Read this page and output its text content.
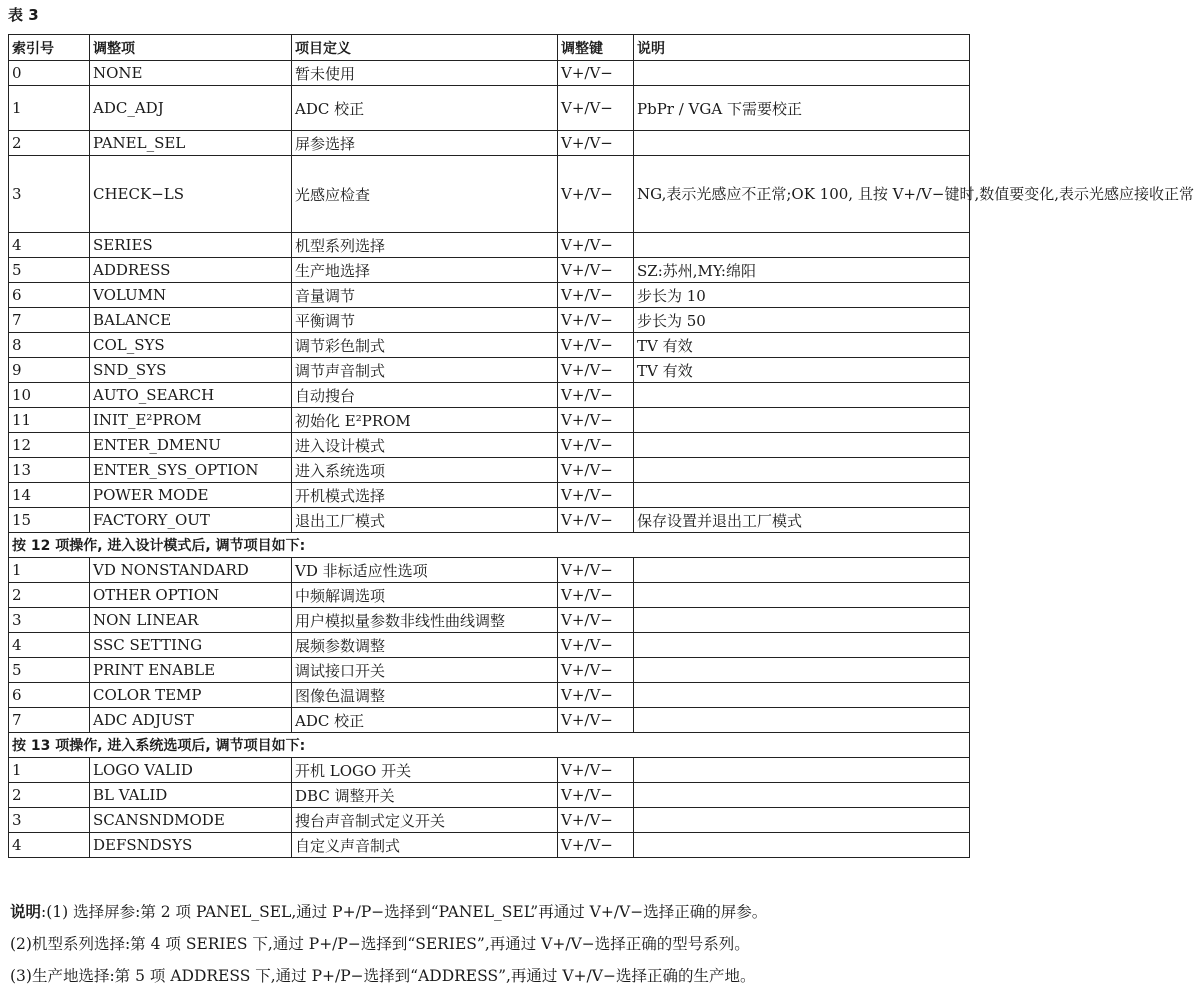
表 3
索引号	调整项	项目定义	调整键	说明
0	NONE	暂未使用	V+/V−	
1	ADC_ADJ	ADC 校正	V+/V−	PbPr / VGA 下需要校正
2	PANEL_SEL	屏参选择	V+/V−	
3	CHECK−LS	光感应检查	V+/V−	NG,表示光感应不正常;OK 100, 且按 V+/V−键时,数值要变化,表示光感应接收正常
4	SERIES	机型系列选择	V+/V−	
5	ADDRESS	生产地选择	V+/V−	SZ:苏州,MY:绵阳
6	VOLUMN	音量调节	V+/V−	步长为 10
7	BALANCE	平衡调节	V+/V−	步长为 50
8	COL_SYS	调节彩色制式	V+/V−	TV 有效
9	SND_SYS	调节声音制式	V+/V−	TV 有效
10	AUTO_SEARCH	自动搜台	V+/V−	
11	INIT_E²PROM	初始化 E²PROM	V+/V−	
12	ENTER_DMENU	进入设计模式	V+/V−	
13	ENTER_SYS_OPTION	进入系统选项	V+/V−	
14	POWER MODE	开机模式选择	V+/V−	
15	FACTORY_OUT	退出工厂模式	V+/V−	保存设置并退出工厂模式
按 12 项操作, 进入设计模式后, 调节项目如下:				
1	VD NONSTANDARD	VD 非标适应性选项	V+/V−	
2	OTHER OPTION	中频解调选项	V+/V−	
3	NON LINEAR	用户模拟量参数非线性曲线调整	V+/V−	
4	SSC SETTING	展频参数调整	V+/V−	
5	PRINT ENABLE	调试接口开关	V+/V−	
6	COLOR TEMP	图像色温调整	V+/V−	
7	ADC ADJUST	ADC 校正	V+/V−	
按 13 项操作, 进入系统选项后, 调节项目如下:				
1	LOGO VALID	开机 LOGO 开关	V+/V−	
2	BL VALID	DBC 调整开关	V+/V−	
3	SCANSNDMODE	搜台声音制式定义开关	V+/V−	
4	DEFSNDSYS	自定义声音制式	V+/V−	
说明:(1) 选择屏参:第 2 项 PANEL_SEL,通过 P+/P−选择到“PANEL_SEL”再通过 V+/V−选择正确的屏参。
(2)机型系列选择:第 4 项 SERIES 下,通过 P+/P−选择到“SERIES”,再通过 V+/V−选择正确的型号系列。
(3)生产地选择:第 5 项 ADDRESS 下,通过 P+/P−选择到“ADDRESS”,再通过 V+/V−选择正确的生产地。
